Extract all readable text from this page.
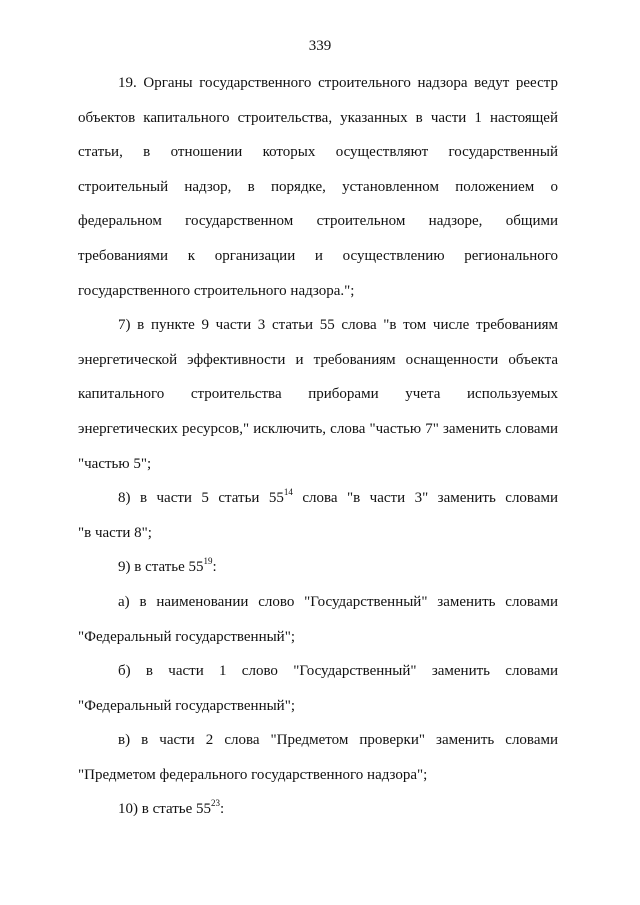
339
19. Органы государственного строительного надзора ведут реестр
объектов капитального строительства, указанных в части 1 настоящей
статьи, в отношении которых осуществляют государственный
строительный надзор, в порядке, установленном положением о
федеральном государственном строительном надзоре, общими
требованиями к организации и осуществлению регионального
государственного строительного надзора.";
7) в пункте 9 части 3 статьи 55 слова "в том числе требованиям
энергетической эффективности и требованиям оснащенности объекта
капитального строительства приборами учета используемых
энергетических ресурсов," исключить, слова "частью 7" заменить словами
"частью 5";
8) в части 5 статьи $55^{14}$ слова "в части 3" заменить словами
"в части 8";
9) в статье $55^{19}$:
а) в наименовании слово "Государственный" заменить словами
"Федеральный государственный";
б) в части 1 слово "Государственный" заменить словами
"Федеральный государственный";
в) в части 2 слова "Предметом проверки" заменить словами
"Предметом федерального государственного надзора";
10) в статье $55^{23}$:
